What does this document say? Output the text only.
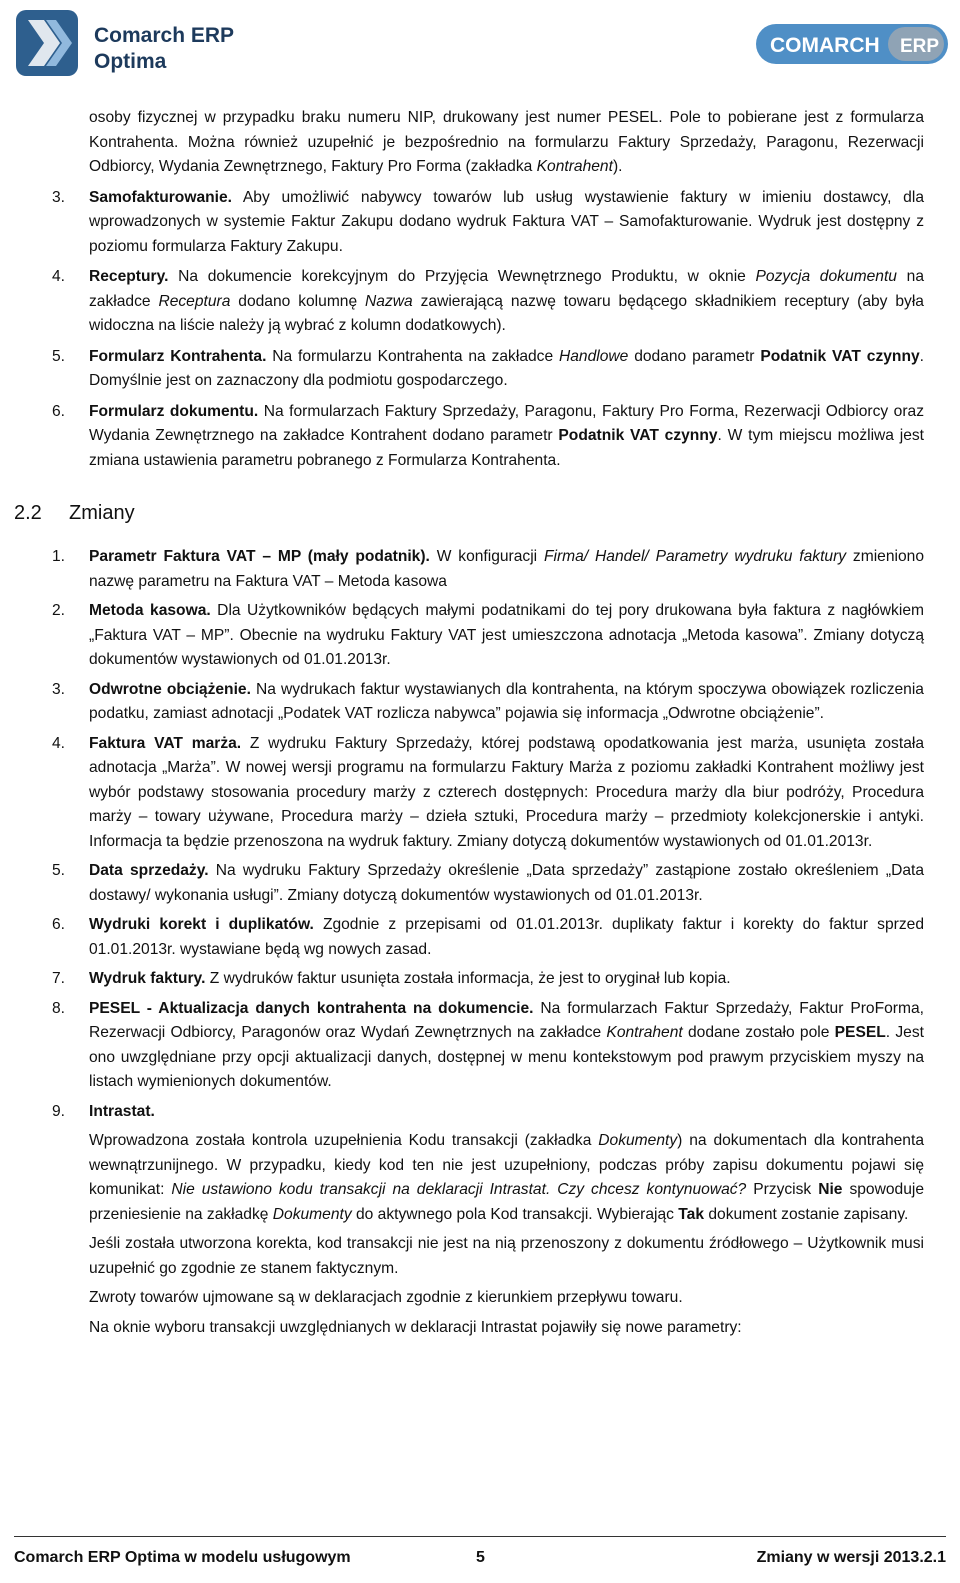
Comarch ERP
Optima
COMARCH ERP

osoby fizycznej w przypadku braku numeru NIP, drukowany jest numer PESEL. Pole to pobierane jest z formularza Kontrahenta. Można również uzupełnić je bezpośrednio na formularzu Faktury Sprzedaży, Paragonu, Rezerwacji Odbiorcy, Wydania Zewnętrznego, Faktury Pro Forma (zakładka Kontrahent).

3. Samofakturowanie. Aby umożliwić nabywcy towarów lub usług wystawienie faktury w imieniu dostawcy, dla wprowadzonych w systemie Faktur Zakupu dodano wydruk Faktura VAT – Samofakturowanie. Wydruk jest dostępny z poziomu formularza Faktury Zakupu.
4. Receptury. Na dokumencie korekcyjnym do Przyjęcia Wewnętrznego Produktu, w oknie Pozycja dokumentu na zakładce Receptura dodano kolumnę Nazwa zawierającą nazwę towaru będącego składnikiem receptury (aby była widoczna na liście należy ją wybrać z kolumn dodatkowych).
5. Formularz Kontrahenta. Na formularzu Kontrahenta na zakładce Handlowe dodano parametr Podatnik VAT czynny. Domyślnie jest on zaznaczony dla podmiotu gospodarczego.
6. Formularz dokumentu. Na formularzach Faktury Sprzedaży, Paragonu, Faktury Pro Forma, Rezerwacji Odbiorcy oraz Wydania Zewnętrznego na zakładce Kontrahent dodano parametr Podatnik VAT czynny. W tym miejscu możliwa jest zmiana ustawienia parametru pobranego z Formularza Kontrahenta.
2.2 Zmiany
1. Parametr Faktura VAT – MP (mały podatnik). W konfiguracji Firma/ Handel/ Parametry wydruku faktury zmieniono nazwę parametru na Faktura VAT – Metoda kasowa
2. Metoda kasowa. Dla Użytkowników będących małymi podatnikami do tej pory drukowana była faktura z nagłówkiem „Faktura VAT – MP”. Obecnie na wydruku Faktury VAT jest umieszczona adnotacja „Metoda kasowa”. Zmiany dotyczą dokumentów wystawionych od 01.01.2013r.
3. Odwrotne obciążenie. Na wydrukach faktur wystawianych dla kontrahenta, na którym spoczywa obowiązek rozliczenia podatku, zamiast adnotacji „Podatek VAT rozlicza nabywca” pojawia się informacja „Odwrotne obciążenie”.
4. Faktura VAT marża. Z wydruku Faktury Sprzedaży, której podstawą opodatkowania jest marża, usunięta została adnotacja „Marża”. W nowej wersji programu na formularzu Faktury Marża z poziomu zakładki Kontrahent możliwy jest wybór podstawy stosowania procedury marży z czterech dostępnych: Procedura marży dla biur podróży, Procedura marży – towary używane, Procedura marży – dzieła sztuki, Procedura marży – przedmioty kolekcjonerskie i antyki. Informacja ta będzie przenoszona na wydruk faktury. Zmiany dotyczą dokumentów wystawionych od 01.01.2013r.
5. Data sprzedaży. Na wydruku Faktury Sprzedaży określenie „Data sprzedaży” zastąpione zostało określeniem „Data dostawy/ wykonania usługi”. Zmiany dotyczą dokumentów wystawionych od 01.01.2013r.
6. Wydruki korekt i duplikatów. Zgodnie z przepisami od 01.01.2013r. duplikaty faktur i korekty do faktur sprzed 01.01.2013r. wystawiane będą wg nowych zasad.
7. Wydruk faktury. Z wydruków faktur usunięta została informacja, że jest to oryginał lub kopia.
8. PESEL - Aktualizacja danych kontrahenta na dokumencie. Na formularzach Faktur Sprzedaży, Faktur ProForma, Rezerwacji Odbiorcy, Paragonów oraz Wydań Zewnętrznych na zakładce Kontrahent dodane zostało pole PESEL. Jest ono uwzględniane przy opcji aktualizacji danych, dostępnej w menu kontekstowym pod prawym przyciskiem myszy na listach wymienionych dokumentów.
9. Intrastat.

Wprowadzona została kontrola uzupełnienia Kodu transakcji (zakładka Dokumenty) na dokumentach dla kontrahenta wewnątrzunijnego. W przypadku, kiedy kod ten nie jest uzupełniony, podczas próby zapisu dokumentu pojawi się komunikat: Nie ustawiono kodu transakcji na deklaracji Intrastat. Czy chcesz kontynuować? Przycisk Nie spowoduje przeniesienie na zakładkę Dokumenty do aktywnego pola Kod transakcji. Wybierając Tak dokument zostanie zapisany.

Jeśli została utworzona korekta, kod transakcji nie jest na nią przenoszony z dokumentu źródłowego – Użytkownik musi uzupełnić go zgodnie ze stanem faktycznym.

Zwroty towarów ujmowane są w deklaracjach zgodnie z kierunkiem przepływu towaru.

Na oknie wyboru transakcji uwzględnianych w deklaracji Intrastat pojawiły się nowe parametry:

Comarch ERP Optima w modelu usługowym	5	Zmiany w wersji 2013.2.1
